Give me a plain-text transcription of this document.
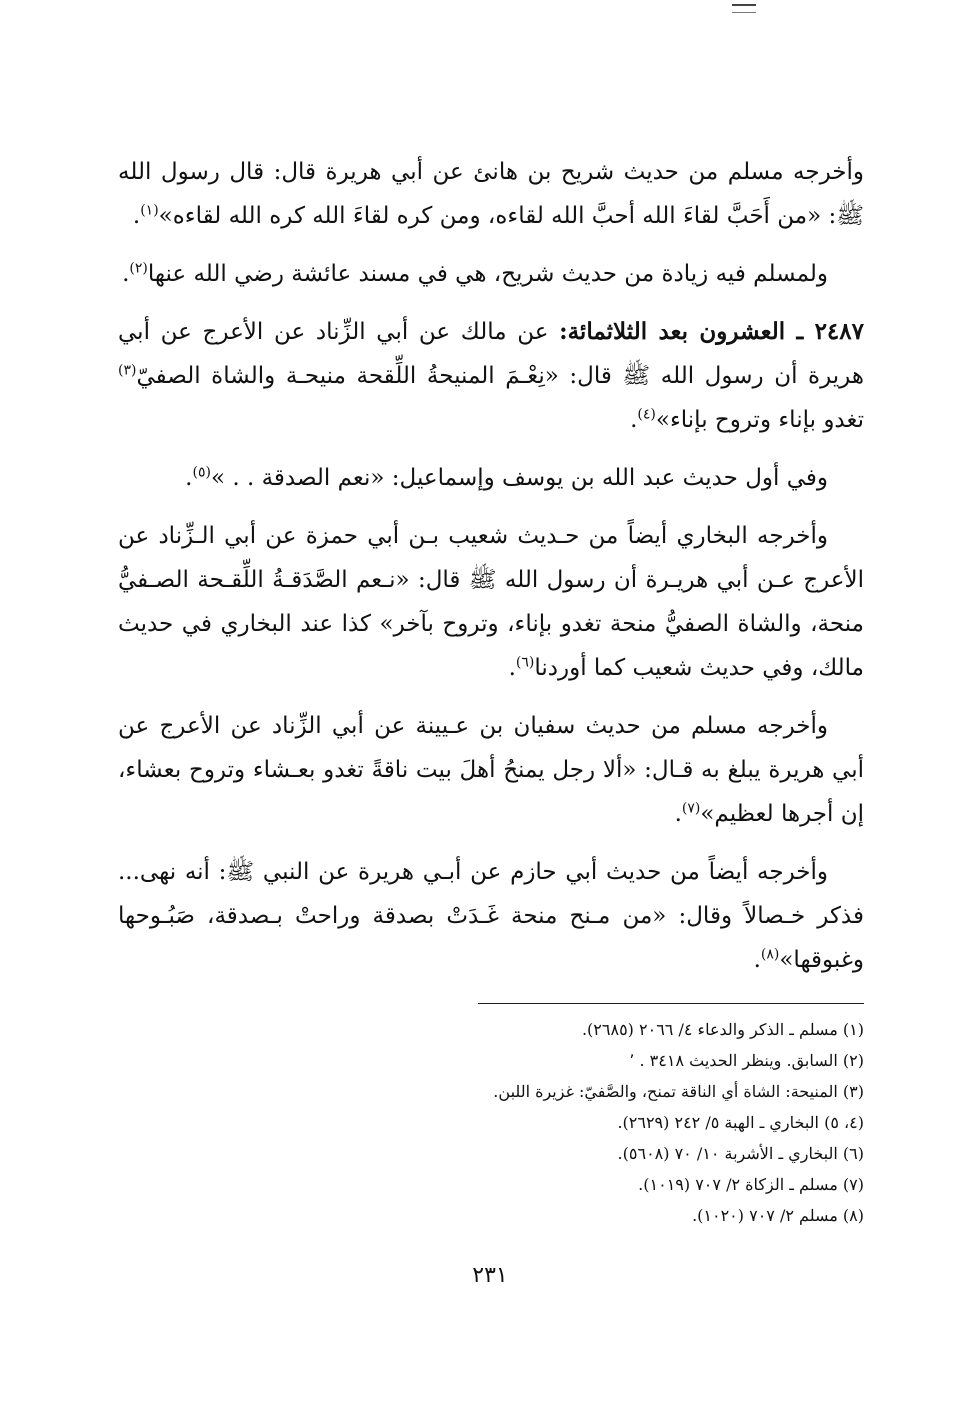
وأخرجه مسلم من حديث شريح بن هانئ عن أبي هريرة قال: قال رسول الله ﷺ: «من أَحَبَّ لقاءَ الله أحبَّ الله لقاءه، ومن كره لقاءَ الله كره الله لقاءه»$^{(١)}$.

ولمسلم فيه زيادة من حديث شريح، هي في مسند عائشة رضي الله عنها$^{(٢)}$.

٢٤٨٧ ـ العشرون بعد الثلاثمائة: عن مالك عن أبي الزِّناد عن الأعرج عن أبي هريرة أن رسول الله ﷺ قال: «نِعْـمَ المنيحةُ اللِّقحة منيحـة والشاة الصفيّ$^{(٣)}$ تغدو بإناء وتروح بإناء»$^{(٤)}$.

وفي أول حديث عبد الله بن يوسف وإسماعيل: «نعم الصدقة . . »$^{(٥)}$.

وأخرجه البخاري أيضاً من حـديث شعيب بـن أبي حمزة عن أبي الـزِّناد عن الأعرج عـن أبي هريـرة أن رسول الله ﷺ قال: «نـعم الصَّدَقـةُ اللِّقـحة الصـفيُّ منحة، والشاة الصفيُّ منحة تغدو بإناء، وتروح بآخر» كذا عند البخاري في حديث مالك، وفي حديث شعيب كما أوردنا$^{(٦)}$.

وأخرجه مسلم من حديث سفيان بن عـيينة عن أبي الزِّناد عن الأعرج عن أبي هريرة يبلغ به قـال: «ألا رجل يمنحُ أهلَ بيت ناقةً تغدو بعـشاء وتروح بعشاء، إن أجرها لعظيم»$^{(٧)}$.

وأخرجه أيضاً من حديث أبي حازم عن أبـي هريرة عن النبي ﷺ: أنه نهى... فذكر خـصالاً وقال: «من مـنح منحة غَـدَتْ بصدقة وراحتْ بـصدقة، صَبُـوحها وغبوقها»$^{(٨)}$.

(١) مسلم ـ الذكر والدعاء ٤/ ٢٠٦٦ (٢٦٨٥).

(٢) السابق. وينظر الحديث ٣٤١٨ . ٬

(٣) المنيحة: الشاة أي الناقة تمنح، والصَّفيّ: غزيرة اللبن.

(٤، ٥) البخاري ـ الهبة ٥/ ٢٤٢ (٢٦٢٩).

(٦) البخاري ـ الأشربة ١٠/ ٧٠ (٥٦٠٨).

(٧) مسلم ـ الزكاة ٢/ ٧٠٧ (١٠١٩).

(٨) مسلم ٢/ ٧٠٧ (١٠٢٠).

٢٣١
